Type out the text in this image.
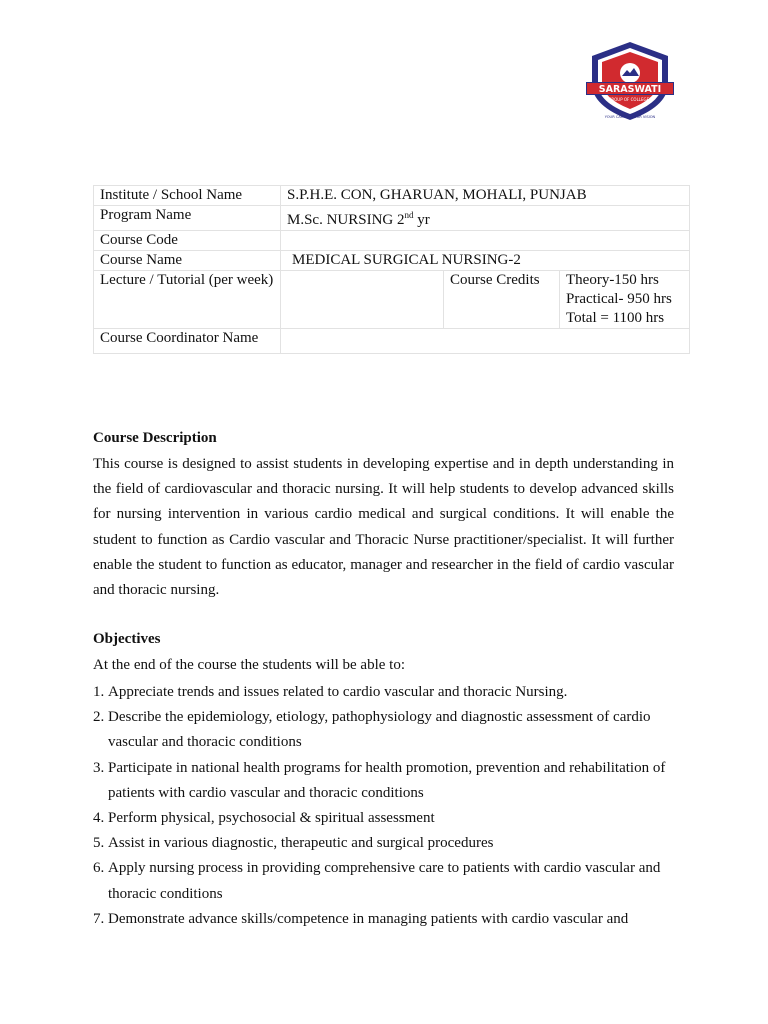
SARASWATI
GROUP OF COLLEGES
YOUR CAREER · OUR VISION
Institute / School Name	S.P.H.E. CON, GHARUAN, MOHALI, PUNJAB		
Program Name	M.Sc. NURSING 2nd yr		
Course Code			
Course Name	MEDICAL SURGICAL NURSING-2		
Lecture / Tutorial (per week)		Course Credits	Theory-150 hrs
Practical- 950 hrs
Total = 1100 hrs

Course Coordinator Name			

Course Description

This course is designed to assist students in developing expertise and in depth understanding in the field of cardiovascular and thoracic nursing. It will help students to develop advanced skills for nursing intervention in various cardio medical and surgical conditions. It will enable the student to function as Cardio vascular and Thoracic Nurse practitioner/specialist. It will further enable the student to function as educator, manager and researcher in the field of cardio vascular and thoracic nursing.

Objectives

At the end of the course the students will be able to:

1. Appreciate trends and issues related to cardio vascular and thoracic Nursing.
2. Describe the epidemiology, etiology, pathophysiology and diagnostic assessment of cardio vascular and thoracic conditions
3. Participate in national health programs for health promotion, prevention and rehabilitation of patients with cardio vascular and thoracic conditions
4. Perform physical, psychosocial & spiritual assessment
5. Assist in various diagnostic, therapeutic and surgical procedures
6. Apply nursing process in providing comprehensive care to patients with cardio vascular and thoracic conditions
7. Demonstrate advance skills/competence in managing patients with cardio vascular and
